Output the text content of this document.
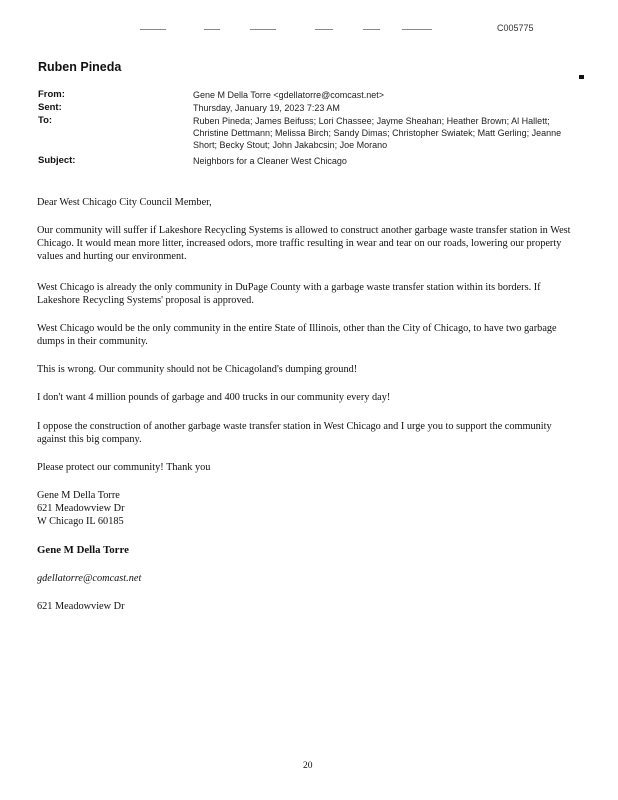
C005775
Ruben Pineda
From:	Gene M Della Torre <gdellatorre@comcast.net>
Sent:	Thursday, January 19, 2023 7:23 AM
To:	Ruben Pineda; James Beifuss; Lori Chassee; Jayme Sheahan; Heather Brown; Al Hallett; Christine Dettmann; Melissa Birch; Sandy Dimas; Christopher Swiatek; Matt Gerling; Jeanne Short; Becky Stout; John Jakabcsin; Joe Morano
Subject:	Neighbors for a Cleaner West Chicago
Dear West Chicago City Council Member,
Our community will suffer if Lakeshore Recycling Systems is allowed to construct another garbage waste transfer station in West Chicago. It would mean more litter, increased odors, more traffic resulting in wear and tear on our roads, lowering our property values and hurting our environment.
West Chicago is already the only community in DuPage County with a garbage waste transfer station within its borders. If Lakeshore Recycling Systems' proposal is approved.
West Chicago would be the only community in the entire State of Illinois, other than the City of Chicago, to have two garbage dumps in their community.
This is wrong. Our community should not be Chicagoland's dumping ground!
I don't want 4 million pounds of garbage and 400 trucks in our community every day!
I oppose the construction of another garbage waste transfer station in West Chicago and I urge you to support the community against this big company.
Please protect our community! Thank you
Gene M Della Torre
621 Meadowview Dr
W Chicago IL 60185
Gene M Della Torre
gdellatorre@comcast.net
621 Meadowview Dr
20
